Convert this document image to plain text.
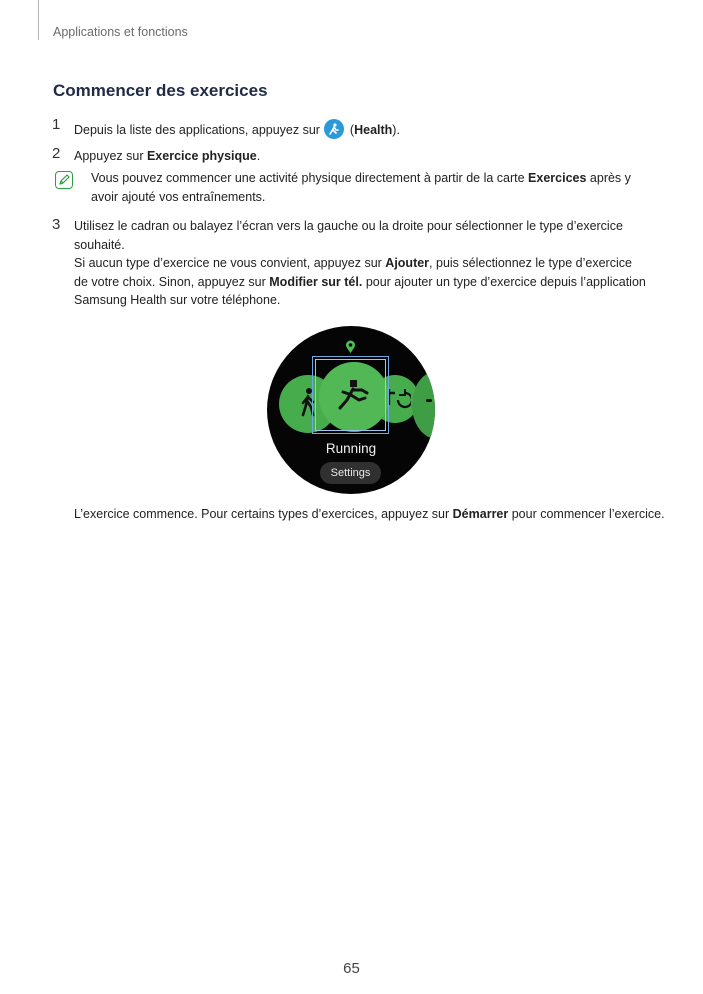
Applications et fonctions
Commencer des exercices
1 Depuis la liste des applications, appuyez sur
(Health).
2 Appuyez sur Exercice physique.
Vous pouvez commencer une activité physique directement à partir de la carte Exercices après y avoir ajouté vos entraînements.
3 Utilisez le cadran ou balayez l’écran vers la gauche ou la droite pour sélectionner le type d’exercice souhaité.
Si aucun type d’exercice ne vous convient, appuyez sur Ajouter, puis sélectionnez le type d’exercice de votre choix. Sinon, appuyez sur Modifier sur tél. pour ajouter un type d’exercice depuis l’application Samsung Health sur votre téléphone.
Running
Settings
L’exercice commence. Pour certains types d’exercices, appuyez sur Démarrer pour commencer l’exercice.
65
